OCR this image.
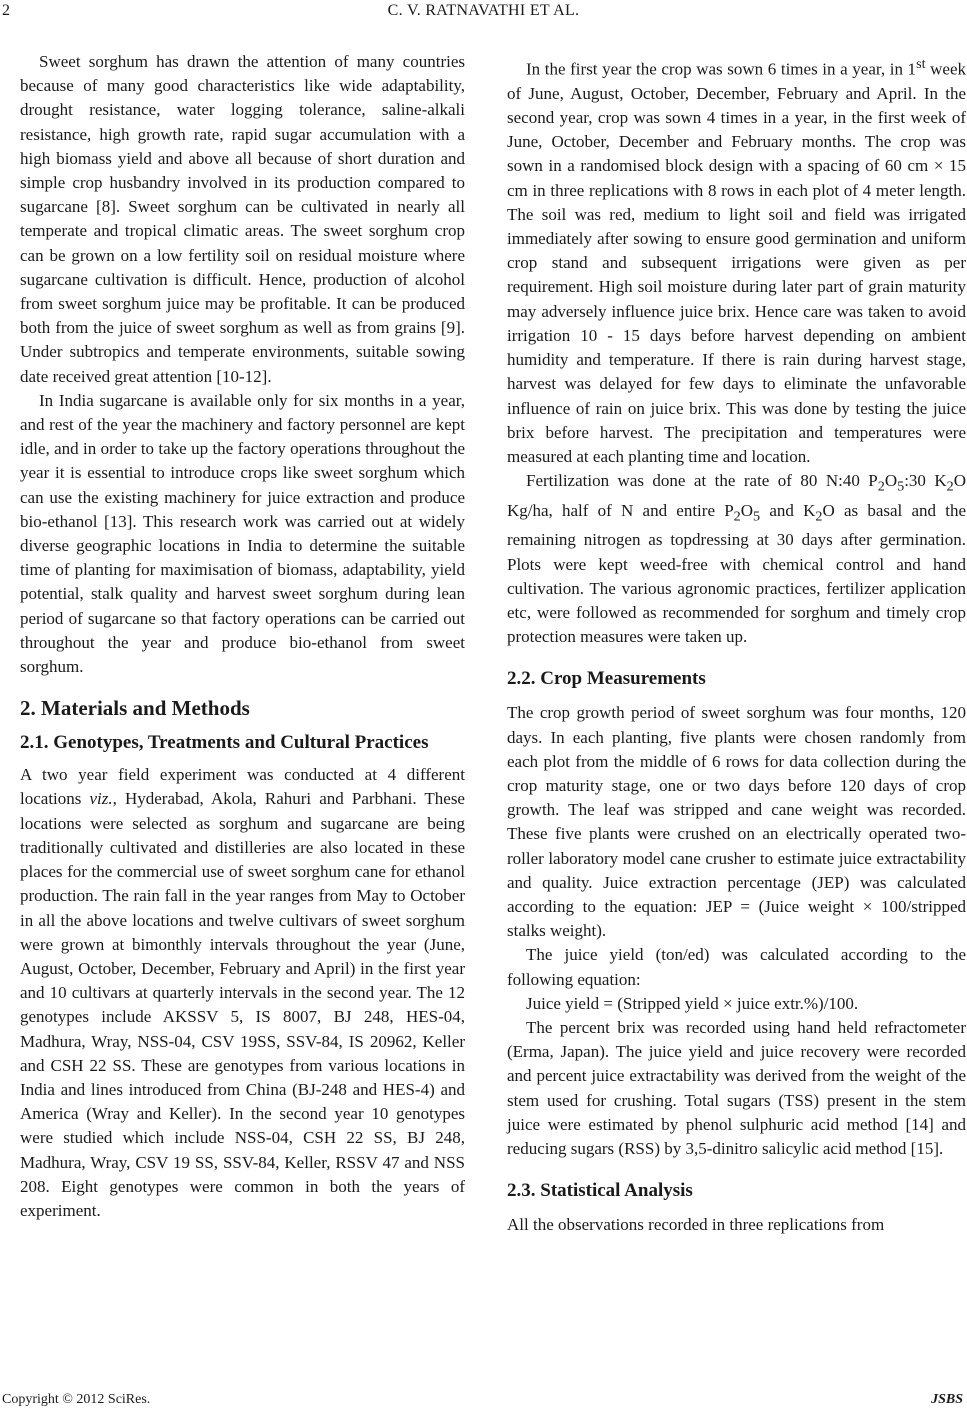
2	C. V. RATNAVATHI ET AL.

Sweet sorghum has drawn the attention of many countries because of many good characteristics like wide adaptability, drought resistance, water logging tolerance, saline-alkali resistance, high growth rate, rapid sugar accumulation with a high biomass yield and above all because of short duration and simple crop husbandry involved in its production compared to sugarcane [8]. Sweet sorghum can be cultivated in nearly all temperate and tropical climatic areas. The sweet sorghum crop can be grown on a low fertility soil on residual moisture where sugarcane cultivation is difficult. Hence, production of alcohol from sweet sorghum juice may be profitable. It can be produced both from the juice of sweet sorghum as well as from grains [9]. Under subtropics and temperate environments, suitable sowing date received great attention [10-12].

In India sugarcane is available only for six months in a year, and rest of the year the machinery and factory personnel are kept idle, and in order to take up the factory operations throughout the year it is essential to introduce crops like sweet sorghum which can use the existing machinery for juice extraction and produce bio-ethanol [13]. This research work was carried out at widely diverse geographic locations in India to determine the suitable time of planting for maximisation of biomass, adaptability, yield potential, stalk quality and harvest sweet sorghum during lean period of sugarcane so that factory operations can be carried out throughout the year and produce bio-ethanol from sweet sorghum.

2. Materials and Methods
2.1. Genotypes, Treatments and Cultural Practices

A two year field experiment was conducted at 4 different locations viz., Hyderabad, Akola, Rahuri and Parbhani. These locations were selected as sorghum and sugarcane are being traditionally cultivated and distilleries are also located in these places for the commercial use of sweet sorghum cane for ethanol production. The rain fall in the year ranges from May to October in all the above locations and twelve cultivars of sweet sorghum were grown at bimonthly intervals throughout the year (June, August, October, December, February and April) in the first year and 10 cultivars at quarterly intervals in the second year. The 12 genotypes include AKSSV 5, IS 8007, BJ 248, HES-04, Madhura, Wray, NSS-04, CSV 19SS, SSV-84, IS 20962, Keller and CSH 22 SS. These are genotypes from various locations in India and lines introduced from China (BJ-248 and HES-4) and America (Wray and Keller). In the second year 10 genotypes were studied which include NSS-04, CSH 22 SS, BJ 248, Madhura, Wray, CSV 19 SS, SSV-84, Keller, RSSV 47 and NSS 208. Eight genotypes were common in both the years of experiment.

In the first year the crop was sown 6 times in a year, in 1st week of June, August, October, December, February and April. In the second year, crop was sown 4 times in a year, in the first week of June, October, December and February months. The crop was sown in a randomised block design with a spacing of 60 cm × 15 cm in three replications with 8 rows in each plot of 4 meter length. The soil was red, medium to light soil and field was irrigated immediately after sowing to ensure good germination and uniform crop stand and subsequent irrigations were given as per requirement. High soil moisture during later part of grain maturity may adversely influence juice brix. Hence care was taken to avoid irrigation 10 - 15 days before harvest depending on ambient humidity and temperature. If there is rain during harvest stage, harvest was delayed for few days to eliminate the unfavorable influence of rain on juice brix. This was done by testing the juice brix before harvest. The precipitation and temperatures were measured at each planting time and location.

Fertilization was done at the rate of 80 N:40 $P_2O_5:30$ $K_2O$ Kg/ha, half of N and entire $P_2O_5$ and $K_2O$ as basal and the remaining nitrogen as topdressing at 30 days after germination. Plots were kept weed-free with chemical control and hand cultivation. The various agronomic practices, fertilizer application etc, were followed as recommended for sorghum and timely crop protection measures were taken up.

2.2. Crop Measurements

The crop growth period of sweet sorghum was four months, 120 days. In each planting, five plants were chosen randomly from each plot from the middle of 6 rows for data collection during the crop maturity stage, one or two days before 120 days of crop growth. The leaf was stripped and cane weight was recorded. These five plants were crushed on an electrically operated two-roller laboratory model cane crusher to estimate juice extractability and quality. Juice extraction percentage (JEP) was calculated according to the equation: JEP = (Juice weight × 100/stripped stalks weight).

The juice yield (ton/ed) was calculated according to the following equation:

Juice yield = (Stripped yield × juice extr.%)/100.

The percent brix was recorded using hand held refractometer (Erma, Japan). The juice yield and juice recovery were recorded and percent juice extractability was derived from the weight of the stem used for crushing. Total sugars (TSS) present in the stem juice were estimated by phenol sulphuric acid method [14] and reducing sugars (RSS) by 3,5-dinitro salicylic acid method [15].

2.3. Statistical Analysis

All the observations recorded in three replications from

Copyright © 2012 SciRes.	JSBS
